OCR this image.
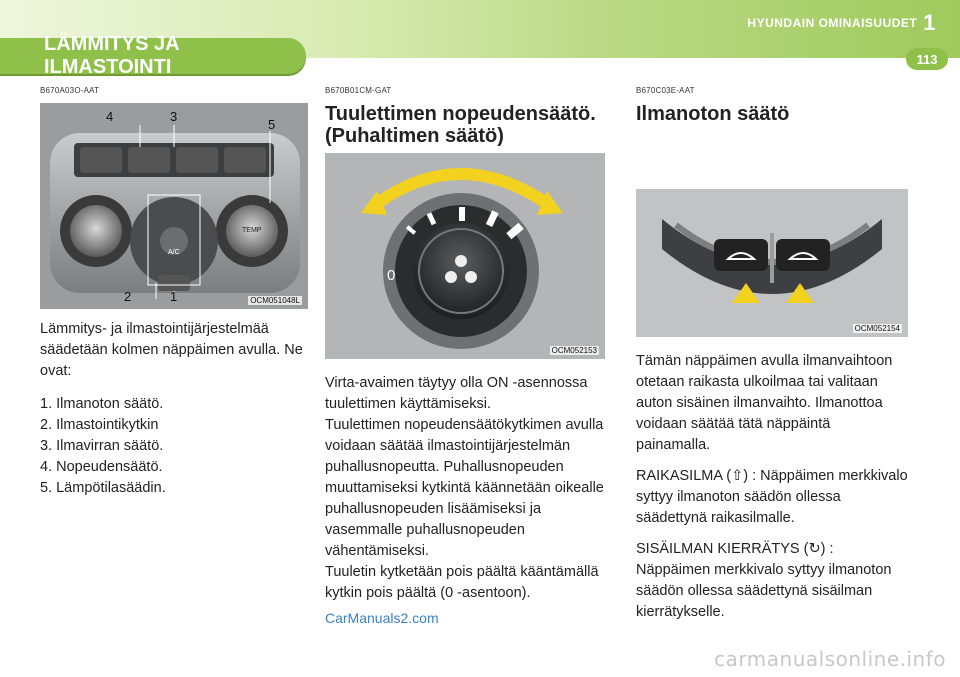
HYUNDAIN OMINAISUUDET 1
LÄMMITYS JA ILMASTOINTI	113
B670A03O-AAT
4	3
5
2	1
A/C
TEMP
OCM051048L

Lämmitys- ja ilmastointijärjestelmää säädetään kolmen näppäimen avulla. Ne ovat:

1. Ilmanoton säätö.
2. Ilmastointikytkin
3. Ilmavirran säätö.
4. Nopeudensäätö.
5. Lämpötilasäädin.
B670B01CM-GAT
Tuulettimen nopeudensäätö. (Puhaltimen säätö)
0
OCM052153

Virta-avaimen täytyy olla ON -asennossa tuulettimen käyttämiseksi.

Tuulettimen nopeudensäätökytkimen avulla voidaan säätää ilmastointijärjestelmän puhallusnopeutta. Puhallusnopeuden muuttamiseksi kytkintä käännetään oikealle puhallusnopeuden lisäämiseksi ja vasemmalle puhallusnopeuden vähentämiseksi.

Tuuletin kytketään pois päältä kääntämällä kytkin pois päältä (0 -asentoon).

CarManuals2.com
B670C03E-AAT
Ilmanoton säätö
OCM052154

Tämän näppäimen avulla ilmanvaihtoon otetaan raikasta ulkoilmaa tai valitaan auton sisäinen ilmanvaihto. Ilmanottoa voidaan säätää tätä näppäintä painamalla.

RAIKASILMA (⇧) : Näppäimen merkkivalo syttyy ilmanoton säädön ollessa säädettynä raikasilmalle.

SISÄILMAN KIERRÄTYS (↻) : Näppäimen merkkivalo syttyy ilmanoton säädön ollessa säädettynä sisäilman kierrätykselle.

carmanualsonline.info
